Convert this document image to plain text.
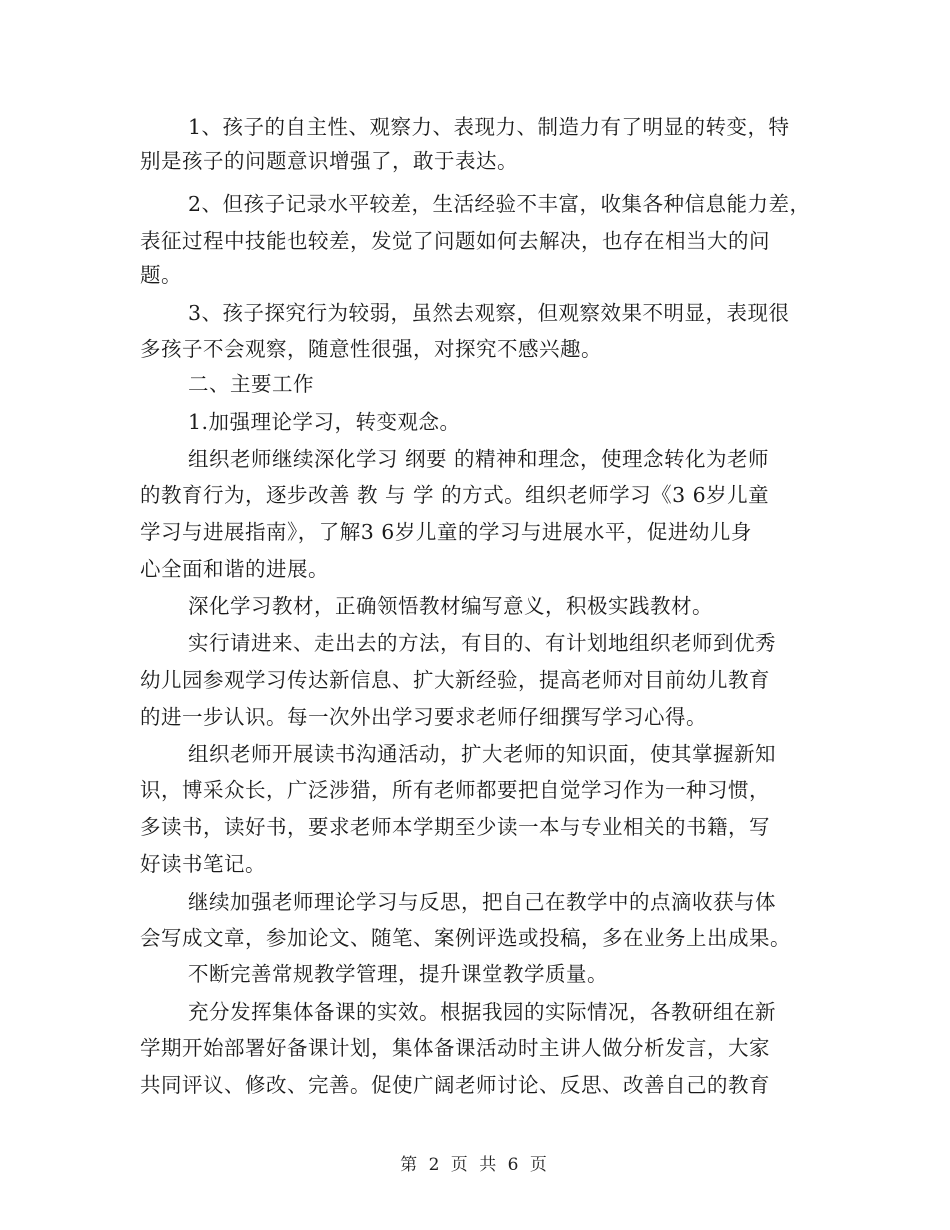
1、孩子的自主性、观察力、表现力、制造力有了明显的转变，特
别是孩子的问题意识增强了，敢于表达。
2、但孩子记录水平较差，生活经验不丰富，收集各种信息能力差，
表征过程中技能也较差，发觉了问题如何去解决，也存在相当大的问
题。
3、孩子探究行为较弱，虽然去观察，但观察效果不明显，表现很
多孩子不会观察，随意性很强，对探究不感兴趣。
二、主要工作
1.加强理论学习，转变观念。
组织老师继续深化学习 纲要 的精神和理念，使理念转化为老师
的教育行为，逐步改善 教 与 学 的方式。组织老师学习《3 6岁儿童
学习与进展指南》，了解3 6岁儿童的学习与进展水平，促进幼儿身
心全面和谐的进展。
深化学习教材，正确领悟教材编写意义，积极实践教材。
实行请进来、走出去的方法，有目的、有计划地组织老师到优秀
幼儿园参观学习传达新信息、扩大新经验，提高老师对目前幼儿教育
的进一步认识。每一次外出学习要求老师仔细撰写学习心得。
组织老师开展读书沟通活动，扩大老师的知识面，使其掌握新知
识，博采众长，广泛涉猎，所有老师都要把自觉学习作为一种习惯，
多读书，读好书，要求老师本学期至少读一本与专业相关的书籍，写
好读书笔记。
继续加强老师理论学习与反思，把自己在教学中的点滴收获与体
会写成文章，参加论文、随笔、案例评选或投稿，多在业务上出成果。
不断完善常规教学管理，提升课堂教学质量。
充分发挥集体备课的实效。根据我园的实际情况，各教研组在新
学期开始部署好备课计划，集体备课活动时主讲人做分析发言，大家
共同评议、修改、完善。促使广阔老师讨论、反思、改善自己的教育
第 2 页 共 6 页
